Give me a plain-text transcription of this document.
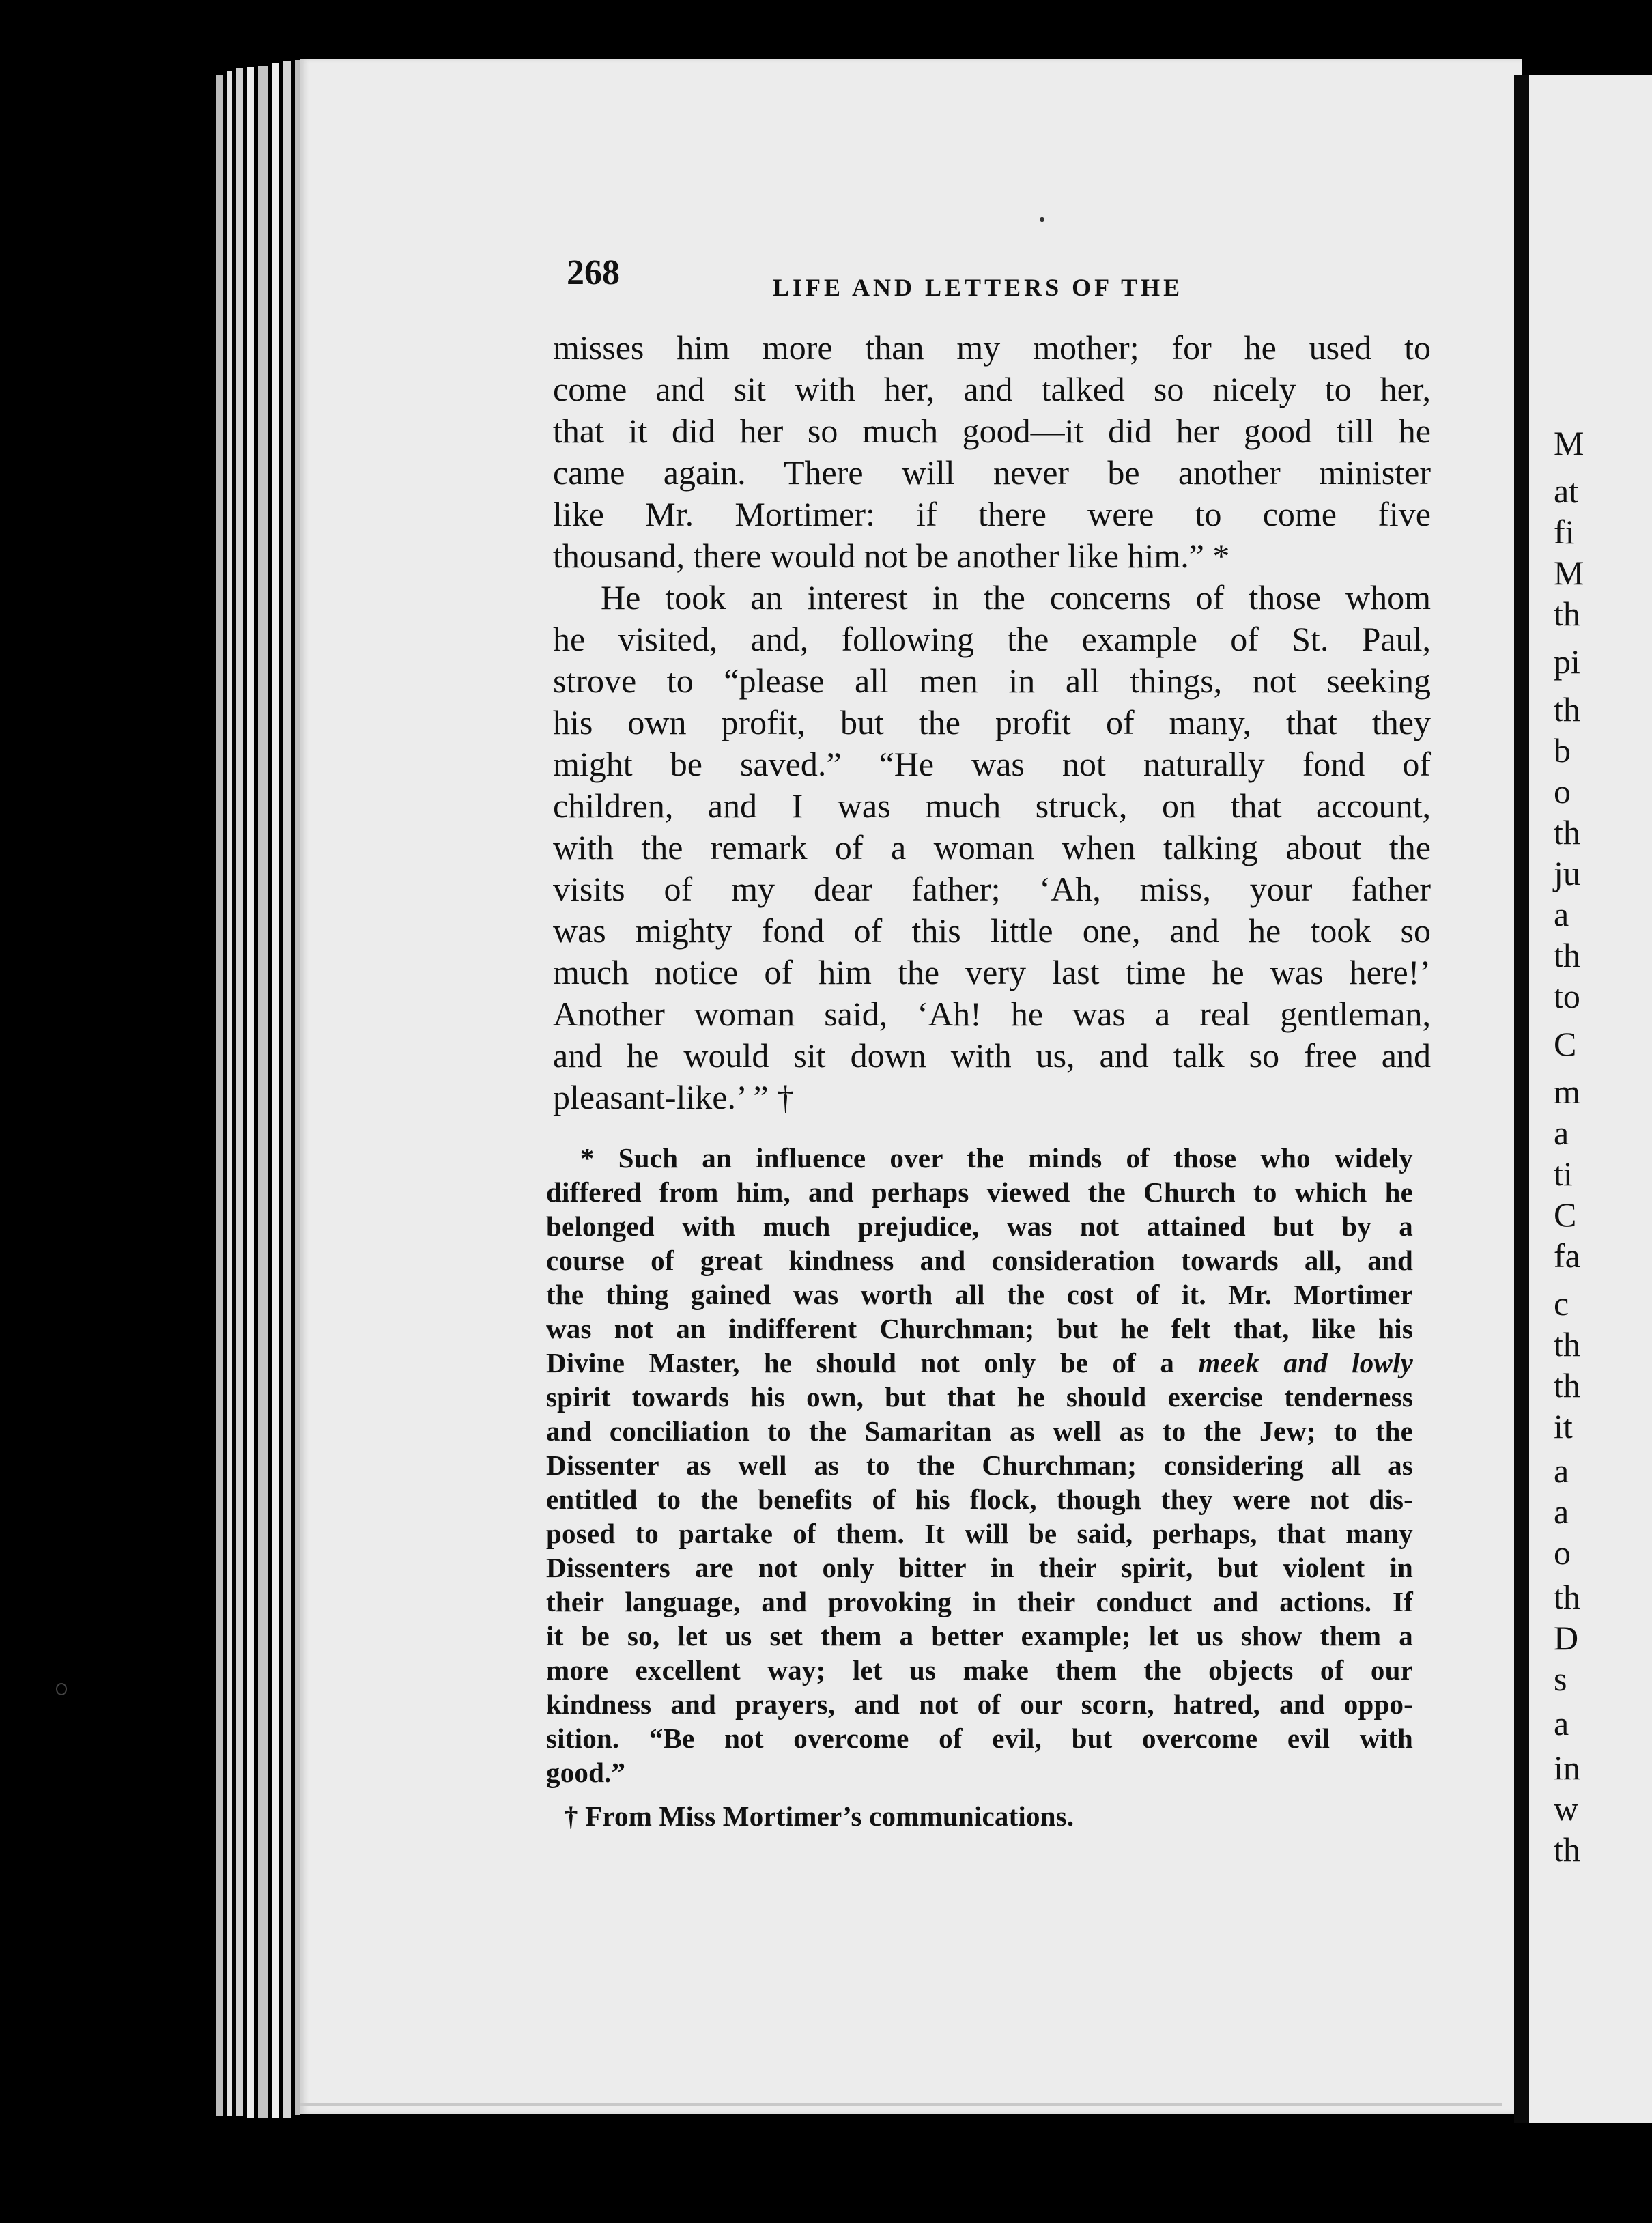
M
at
fi
M
th
pi
th
b
o
th
ju
a
th
to
C
m
a
ti
C
fa
c
th
th
it
a
a
o
th
D
s
a
in
w
th
268	LIFE AND LETTERS OF THE
misses him more than my mother; for he used to
come and sit with her, and talked so nicely to her,
that it did her so much good—it did her good till he
came again. There will never be another minister
like Mr. Mortimer: if there were to come five
thousand, there would not be another like him.” *
He took an interest in the concerns of those whom
he visited, and, following the example of St. Paul,
strove to “please all men in all things, not seeking
his own profit, but the profit of many, that they
might be saved.” “He was not naturally fond of
children, and I was much struck, on that account,
with the remark of a woman when talking about the
visits of my dear father; ‘Ah, miss, your father
was mighty fond of this little one, and he took so
much notice of him the very last time he was here!’
Another woman said, ‘Ah! he was a real gentleman,
and he would sit down with us, and talk so free and
pleasant-like.’ ” †
* Such an influence over the minds of those who widely
differed from him, and perhaps viewed the Church to which he
belonged with much prejudice, was not attained but by a
course of great kindness and consideration towards all, and
the thing gained was worth all the cost of it. Mr. Mortimer
was not an indifferent Churchman; but he felt that, like his
Divine Master, he should not only be of a meek and lowly
spirit towards his own, but that he should exercise tenderness
and conciliation to the Samaritan as well as to the Jew; to the
Dissenter as well as to the Churchman; considering all as
entitled to the benefits of his flock, though they were not dis-
posed to partake of them. It will be said, perhaps, that many
Dissenters are not only bitter in their spirit, but violent in
their language, and provoking in their conduct and actions. If
it be so, let us set them a better example; let us show them a
more excellent way; let us make them the objects of our
kindness and prayers, and not of our scorn, hatred, and oppo-
sition. “Be not overcome of evil, but overcome evil with
good.”
† From Miss Mortimer’s communications.
